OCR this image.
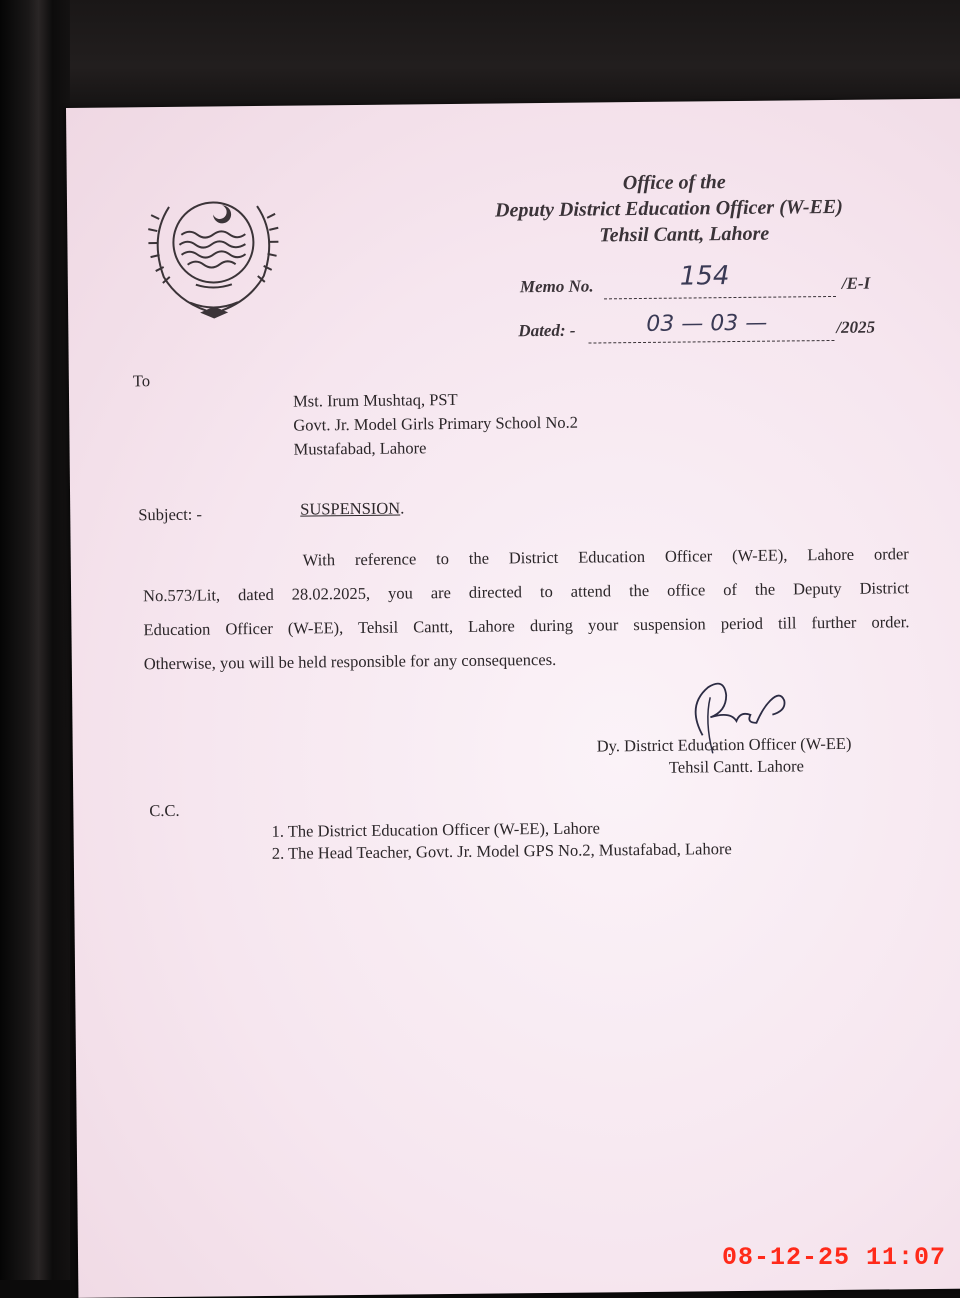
Office of the
Deputy District Education Officer (W-EE)
Tehsil Cantt, Lahore
Memo No.	154	/E-I
Dated: -	03 — 03 —	/2025
To
Mst. Irum Mushtaq, PST
Govt. Jr. Model Girls Primary School No.2
Mustafabad, Lahore
Subject: -	SUSPENSION.
With reference to the District Education Officer (W-EE), Lahore order
No.573/Lit, dated 28.02.2025, you are directed to attend the office of the Deputy District
Education Officer (W-EE), Tehsil Cantt, Lahore during your suspension period till further order.
Otherwise, you will be held responsible for any consequences.
Dy. District Education Officer (W-EE)
Tehsil Cantt. Lahore
C.C.
1. The District Education Officer (W-EE), Lahore
2. The Head Teacher, Govt. Jr. Model GPS No.2, Mustafabad, Lahore
08-12-25 11:07
